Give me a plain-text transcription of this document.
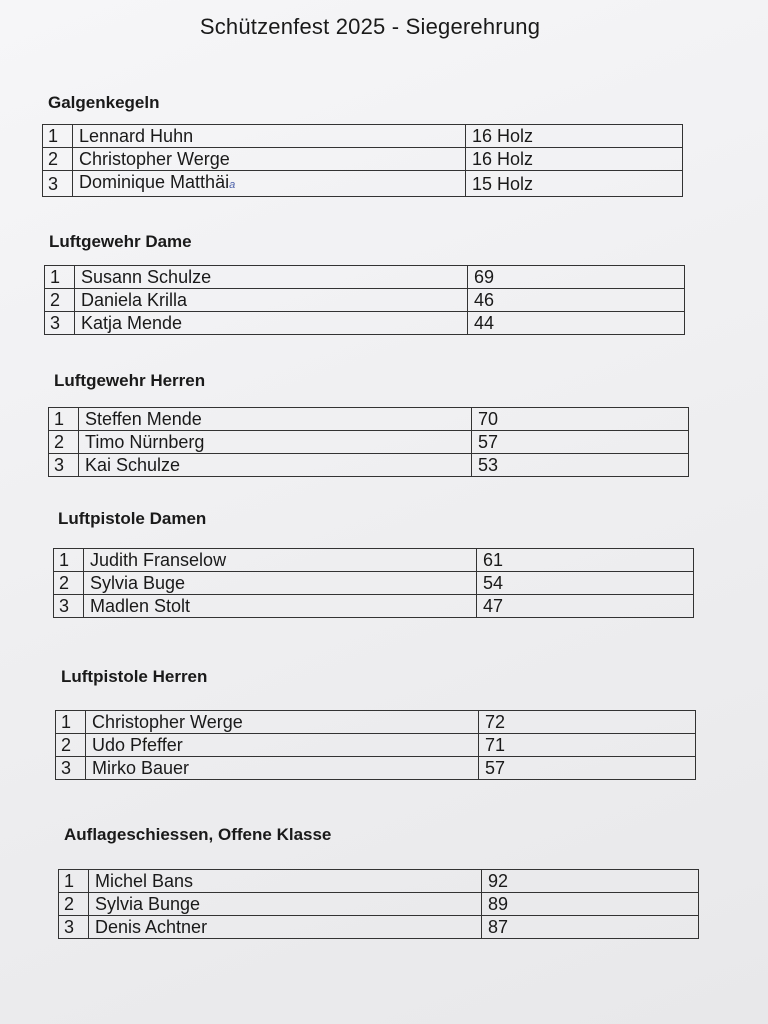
Schützenfest 2025 - Siegerehrung
Galgenkegeln
1	Lennard Huhn	16 Holz
2	Christopher Werge	16 Holz
3	Dominique Matthäia	15 Holz
Luftgewehr Dame
1	Susann Schulze	69
2	Daniela Krilla	46
3	Katja Mende	44
Luftgewehr Herren
1	Steffen Mende	70
2	Timo Nürnberg	57
3	Kai Schulze	53
Luftpistole Damen
1	Judith Franselow	61
2	Sylvia Buge	54
3	Madlen Stolt	47
Luftpistole Herren
1	Christopher Werge	72
2	Udo Pfeffer	71
3	Mirko Bauer	57
Auflageschiessen, Offene Klasse
1	Michel Bans	92
2	Sylvia Bunge	89
3	Denis Achtner	87
